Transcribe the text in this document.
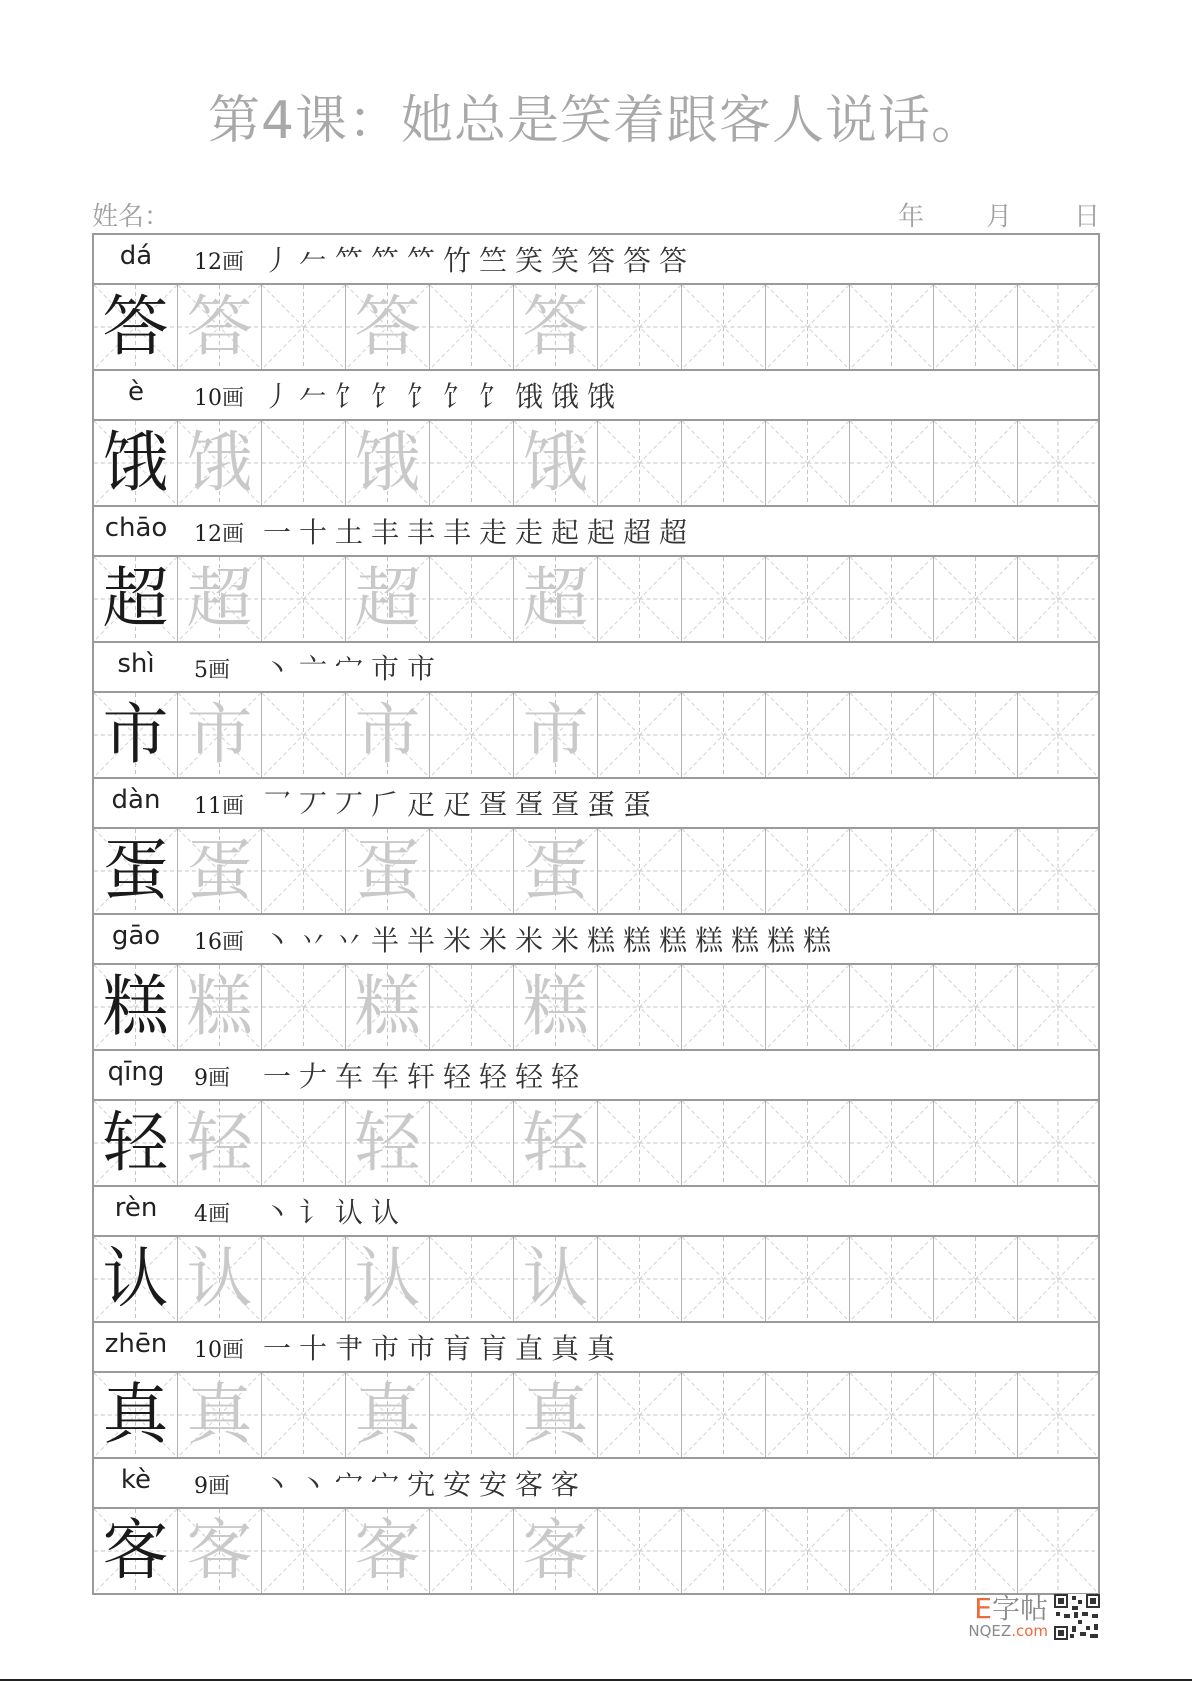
第4课：她总是笑着跟客人说话。
姓名：	年 月 日
dá	12画 丿 𠂉 𥫗 𥫗 𥫗 竹 竺 笑 笑 答 答 答
答 答 答 答
è	10画 丿 𠂉 饣 饣 饣 饣 饣 饿 饿 饿
饿 饿 饿 饿
chāo	12画 一 十 土 丰 丰 丰 走 走 起 起 超 超
超 超 超 超
shì	5画 丶 亠 宀 市 市
市 市 市 市
dàn	11画 乛 丆 丆 𠂆 疋 疋 疍 疍 疍 蛋 蛋
蛋 蛋 蛋 蛋
gāo	16画 丶 丷 丷 半 半 米 米 米 米 糕 糕 糕 糕 糕 糕 糕
糕 糕 糕 糕
qīng	9画 一 𠂇 车 车 轩 轻 轻 轻 轻
轻 轻 轻 轻
rèn	4画 丶 讠 认 认
认 认 认 认
zhēn	10画 一 十 肀 市 市 肓 肓 直 真 真
真 真 真 真
kè	9画 丶 丶 宀 宀 宄 安 安 客 客
客 客 客 客
E字帖
NQEZ.com
